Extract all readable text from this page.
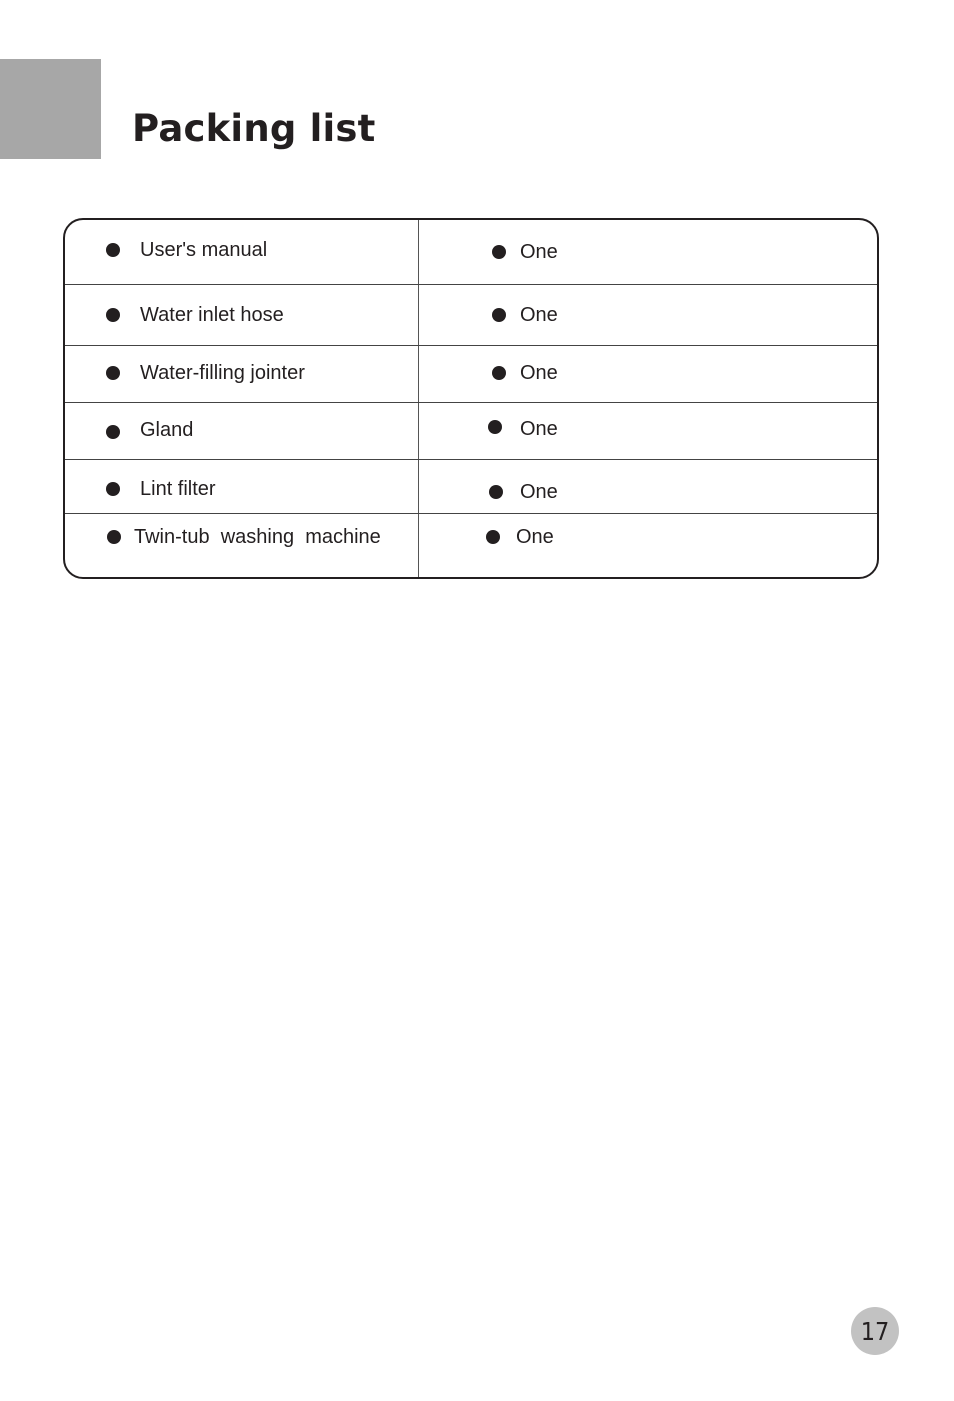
Packing list
User's manual	One
Water inlet hose	One
Water-filling jointer	One
Gland	One
Lint filter	One
Twin-tub  washing  machine	One
17
